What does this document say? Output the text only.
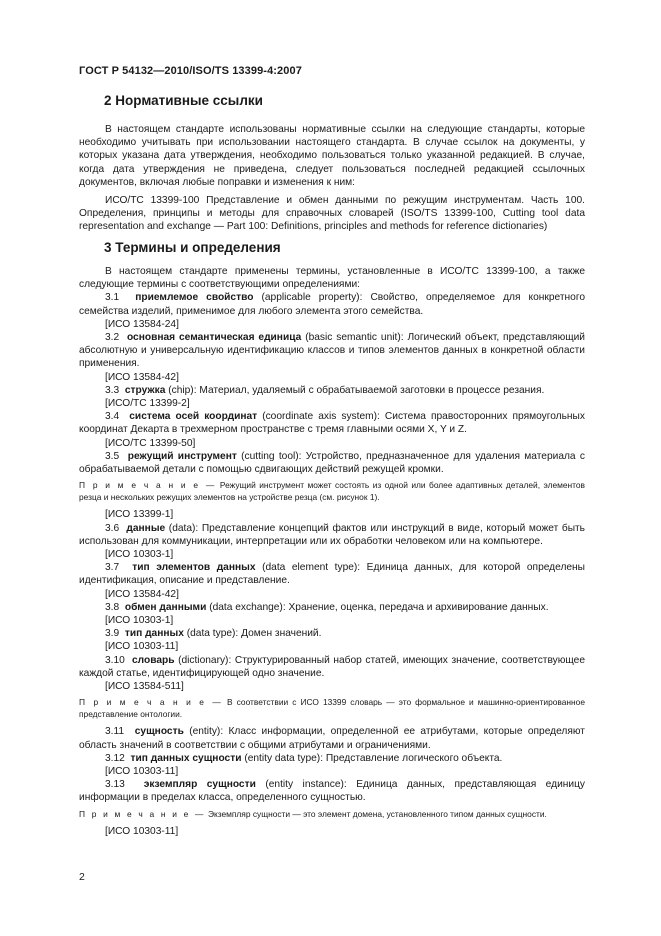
ГОСТ Р 54132—2010/ISO/TS 13399-4:2007
2 Нормативные ссылки

В настоящем стандарте использованы нормативные ссылки на следующие стандарты, которые необходимо учитывать при использовании настоящего стандарта. В случае ссылок на документы, у которых указана дата утверждения, необходимо пользоваться только указанной редакцией. В случае, когда дата утверждения не приведена, следует пользоваться последней редакцией ссылочных документов, включая любые поправки и изменения к ним:

ИСО/ТС 13399-100 Представление и обмен данными по режущим инструментам. Часть 100. Определения, принципы и методы для справочных словарей (ISO/TS 13399-100, Cutting tool data representation and exchange — Part 100: Definitions, principles and methods for reference dictionaries)

3 Термины и определения

В настоящем стандарте применены термины, установленные в ИСО/ТС 13399-100, а также следующие термины с соответствующими определениями:

3.1 приемлемое свойство (applicable property): Свойство, определяемое для конкретного семейства изделий, применимое для любого элемента этого семейства.

[ИСО 13584-24]

3.2 основная семантическая единица (basic semantic unit): Логический объект, представляющий абсолютную и универсальную идентификацию классов и типов элементов данных в конкретной области применения.

[ИСО 13584-42]

3.3 стружка (chip): Материал, удаляемый с обрабатываемой заготовки в процессе резания.

[ИСО/ТС 13399-2]

3.4 система осей координат (coordinate axis system): Система правосторонних прямоугольных координат Декарта в трехмерном пространстве с тремя главными осями X, Y и Z.

[ИСО/ТС 13399-50]

3.5 режущий инструмент (cutting tool): Устройство, предназначенное для удаления материала с обрабатываемой детали с помощью сдвигающих действий режущей кромки.

П р и м е ч а н и е — Режущий инструмент может состоять из одной или более адаптивных деталей, элементов резца и нескольких режущих элементов на устройстве резца (см. рисунок 1).

[ИСО 13399-1]

3.6 данные (data): Представление концепций фактов или инструкций в виде, который может быть использован для коммуникации, интерпретации или их обработки человеком или на компьютере.

[ИСО 10303-1]

3.7 тип элементов данных (data element type): Единица данных, для которой определены идентификация, описание и представление.

[ИСО 13584-42]

3.8 обмен данными (data exchange): Хранение, оценка, передача и архивирование данных.

[ИСО 10303-1]

3.9 тип данных (data type): Домен значений.

[ИСО 10303-11]

3.10 словарь (dictionary): Структурированный набор статей, имеющих значение, соответствующее каждой статье, идентифицирующей одно значение.

[ИСО 13584-511]

П р и м е ч а н и е — В соответствии с ИСО 13399 словарь — это формальное и машинно-ориентированное представление онтологии.

3.11 сущность (entity): Класс информации, определенной ее атрибутами, которые определяют область значений в соответствии с общими атрибутами и ограничениями.

3.12 тип данных сущности (entity data type): Представление логического объекта.

[ИСО 10303-11]

3.13 экземпляр сущности (entity instance): Единица данных, представляющая единицу информации в пределах класса, определенного сущностью.

П р и м е ч а н и е — Экземпляр сущности — это элемент домена, установленного типом данных сущности.

[ИСО 10303-11]

2
